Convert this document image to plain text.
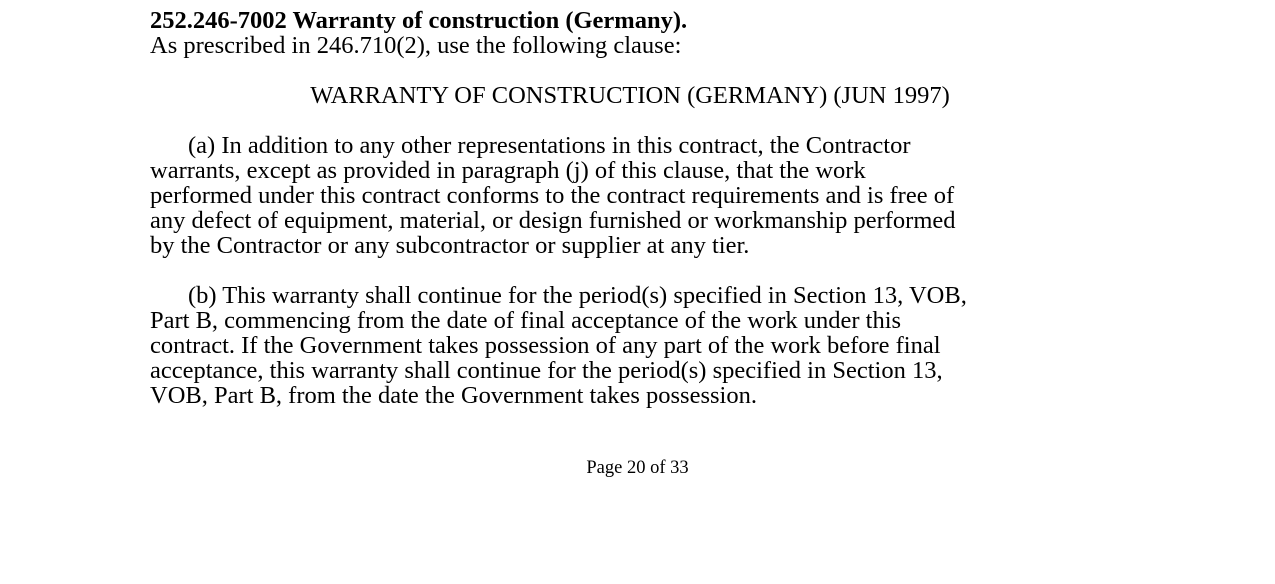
252.246-7002 Warranty of construction (Germany).
As prescribed in 246.710(2), use the following clause:
WARRANTY OF CONSTRUCTION (GERMANY) (JUN 1997)
(a) In addition to any other representations in this contract, the Contractor
warrants, except as provided in paragraph (j) of this clause, that the work
performed under this contract conforms to the contract requirements and is free of
any defect of equipment, material, or design furnished or workmanship performed
by the Contractor or any subcontractor or supplier at any tier.
(b) This warranty shall continue for the period(s) specified in Section 13, VOB,
Part B, commencing from the date of final acceptance of the work under this
contract. If the Government takes possession of any part of the work before final
acceptance, this warranty shall continue for the period(s) specified in Section 13,
VOB, Part B, from the date the Government takes possession.
Page 20 of 33
